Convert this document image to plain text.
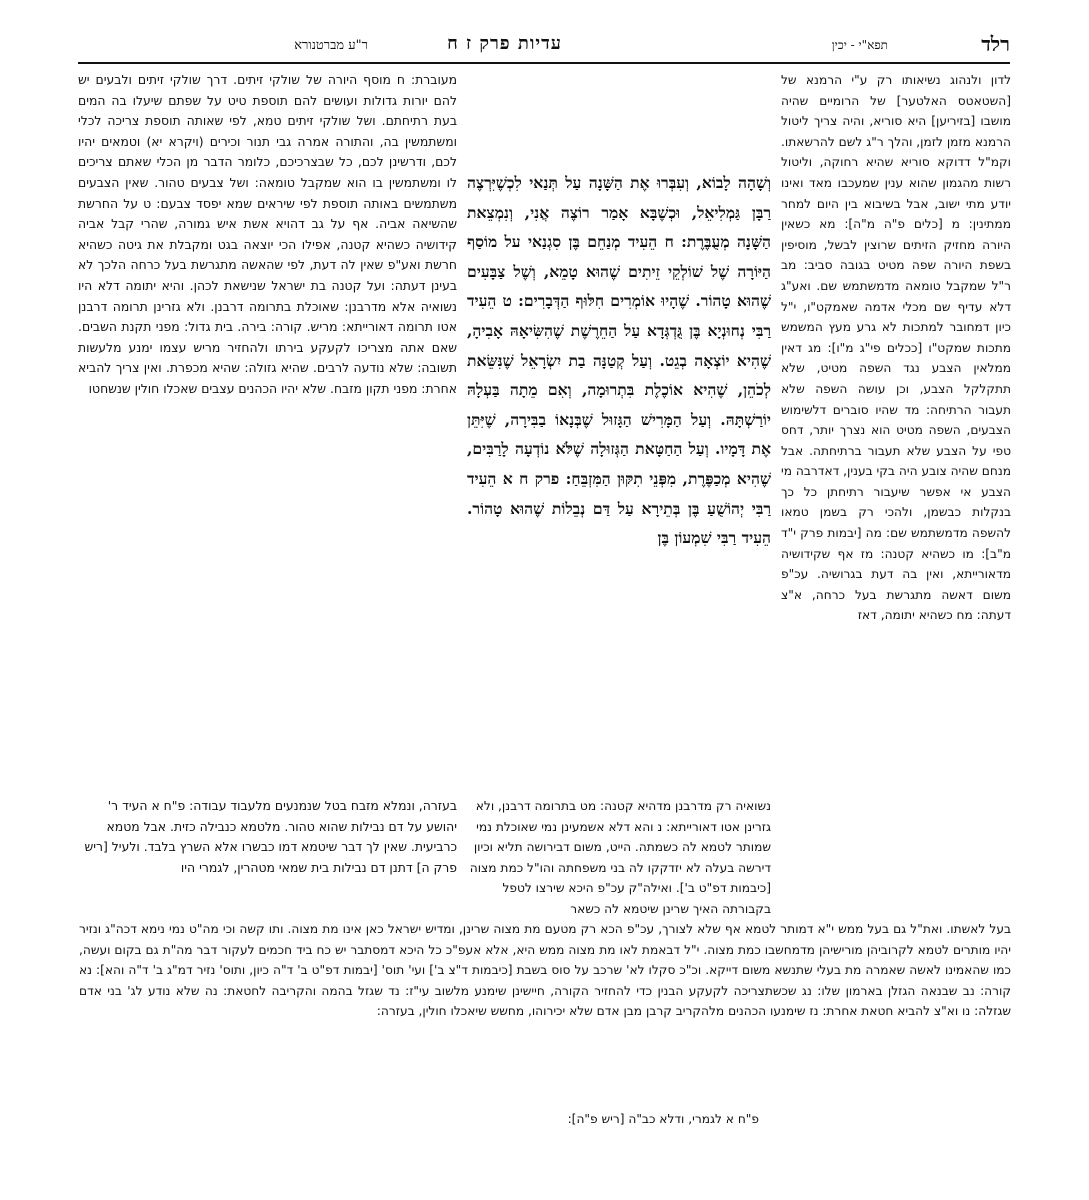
רלד
תפא"י - יכין
עדיות פרק ז ח
ר"ע מברטנורא

לדון ולנהוג נשיאותו רק ע"י הרמנא של [השטאטס האלטער] של הרומיים שהיה מושבו [בזיריען] היא סוריא, והיה צריך ליטול הרמנא מזמן לזמן, והלך ר"ג לשם להרשאתו. וקמ"ל דדוקא סוריא שהיא רחוקה, וליטול רשות מהגמון שהוא ענין שמעכבו מאד ואינו יודע מתי ישוב, אבל בשיבוא בין היום למחר ממתינין: מ [כלים פ"ה מ"ה]: מא כשאין היורה מחזיק הזיתים שרוצין לבשל, מוסיפין בשפת היורה שפה מטיט בגובה סביב: מב ר"ל שמקבל טומאה מדמשתמש שם. ואע"ג דלא עדיף שם מכלי אדמה שאמקט"ו, י"ל כיון דמחובר למתכות לא גרע מעץ המשמש מתכות שמקט"ו [ככלים פי"ג מ"ו]: מג דאין ממלאין הצבע נגד השפה מטיט, שלא תתקלקל הצבע, וכן עושה השפה שלא תעבור הרתיחה: מד שהיו סוברים דלשימוש הצבעים, השפה מטיט הוא נצרך יותר, דחס טפי על הצבע שלא תעבור ברתיחתה. אבל מנחם שהיה צובע היה בקי בענין, דאדרבה מי הצבע אי אפשר שיעבור רתיחתן כל כך בנקלות כבשמן, ולהכי רק בשמן טמאו להשפה מדמשתמש שם: מה [יבמות פרק י"ד מ"ב]: מו כשהיא קטנה: מז אף שקידושיה מדאורייתא, ואין בה דעת בגרושיה. עכ"פ משום דאשה מתגרשת בעל כרחה, א"צ דעתה: מח כשהיא יתומה, דאז

וְשָׁהָה לָבוֹא, וְעִבְּרוּ אֶת הַשָּׁנָה עַל תְּנַאי לִכְשֶׁיִּרְצֶה רַבָּן גַּמְלִיאֵל, וּכְשֶׁבָּא אָמַר רוֹצֶה אֲנִי, וְנִמְצֵאת הַשָּׁנָה מְעֻבֶּרֶת: ח הֵעִיד מְנַחֵם בֶּן סִגְנַאי על מוֹסַף הַיּוֹרָה שֶׁל שׁוֹלְקֵי זֵיתִים שֶׁהוּא טָמֵא, וְשֶׁל צַבָּעִים שֶׁהוּא טָהוֹר. שֶׁהָיוּ אוֹמְרִים חִלּוּף הַדְּבָרִים: ט הֵעִיד רַבִּי נְחוּנְיָא בֶּן גֻּדְגְּדָא עַל הַחֵרֶשֶׁת שֶׁהִשִּׂיאָהּ אָבִיהָ, שֶׁהִיא יוֹצְאָה בְגֵט. וְעַל קְטַנָּה בַת יִשְׂרָאֵל שֶׁנִּשֵּׂאת לְכֹהֵן, שֶׁהִיא אוֹכֶלֶת בִּתְרוּמָה, וְאִם מֵתָה בַּעְלָהּ יוֹרַשְׁתָּהּ. וְעַל הַמָּרִישׁ הַגָּזוּל שֶׁבְּנָאוֹ בַבִּירָה, שֶׁיִּתֵּן אֶת דָּמָיו. וְעַל הַחַטָּאת הַגְּזוּלָה שֶׁלֹּא נוֹדְעָה לָרַבִּים, שֶׁהִיא מְכַפֶּרֶת, מִפְּנֵי תִקּוּן הַמִּזְבֵּחַ: פרק ח א הֵעִיד רַבִּי יְהוֹשֻׁעַ בֶּן בְּתֵירָא עַל דַּם נְבֵלוֹת שֶׁהוּא טָהוֹר. הֵעִיד רַבִּי שִׁמְעוֹן בֶּן

מעוברת: ח מוסף היורה של שולקי זיתים. דרך שולקי זיתים ולבעים יש להם יורות גדולות ועושים להם תוספת טיט על שפתם שיעלו בה המים בעת רתיחתם. ושל שולקי זיתים טמא, לפי שאותה תוספת צריכה לכלי ומשתמשין בה, והתורה אמרה גבי תנור וכירים (ויקרא יא) וטמאים יהיו לכם, ודרשינן לכם, כל שבצרכיכם, כלומר הדבר מן הכלי שאתם צריכים לו ומשתמשין בו הוא שמקבל טומאה: ושל צבעים טהור. שאין הצבעים משתמשים באותה תוספת לפי שיראים שמא יפסד צבעם: ט על החרשת שהשיאה אביה. אף על גב דהויא אשת איש גמורה, שהרי קבל אביה קידושיה כשהיא קטנה, אפילו הכי יוצאה בגט ומקבלת את גיטה כשהיא חרשת ואע"פ שאין לה דעת, לפי שהאשה מתגרשת בעל כרחה הלכך לא בעינן דעתה: ועל קטנה בת ישראל שנישאת לכהן. והיא יתומה דלא היו נשואיה אלא מדרבנן: שאוכלת בתרומה דרבנן. ולא גזרינן תרומה דרבנן אטו תרומה דאורייתא: מריש. קורה: בירה. בית גדול: מפני תקנת השבים. שאם אתה מצריכו לקעקע בירתו ולהחזיר מריש עצמו ימנע מלעשות תשובה: שלא נודעה לרבים. שהיא גזולה: שהיא מכפרת. ואין צריך להביא אחרת: מפני תקון מזבח. שלא יהיו הכהנים עצבים שאכלו חולין שנשחטו

נשואיה רק מדרבנן מדהיא קטנה: מט בתרומה דרבנן, ולא גזרינן אטו דאורייתא: נ והא דלא אשמעינן נמי שאוכלת נמי שמותר לטמא לה כשמתה. הייט, משום דבירושה תליא וכיון דירשה בעלה לא יזדקקו לה בני משפחתה והו"ל כמת מצוה [כיבמות דפ"ט ב']. ואילה"ק עכ"פ היכא שירצו לטפל בקבורתה האיך שרינן שיטמא לה כשאר

בעזרה, ונמלא מזבח בטל שנמנעים מלעבוד עבודה: פ"ח א העיד ר' יהושע על דם נבילות שהוא טהור. מלטמא כנבילה כזית. אבל מטמא כרביעית. שאין לך דבר שיטמא דמו כבשרו אלא השרץ בלבד. ולעיל [ריש פרק ה] דתנן דם נבילות בית שמאי מטהרין, לגמרי היו

בעל לאשתו. ואת"ל גם בעל ממש י"א דמותר לטמא אף שלא לצורך, עכ"פ הכא רק מטעם מת מצוה שרינן, ומדיש ישראל כאן אינו מת מצוה. ותו קשה וכי מה"ט נמי נימא דכה"ג ונזיר יהיו מותרים לטמא לקרוביהן מורישיהן מדמחשבו כמת מצוה. י"ל דבאמת לאו מת מצוה ממש היא, אלא אעפ"כ כל היכא דמסתבר יש כח ביד חכמים לעקור דבר מה"ת גם בקום ועשה, כמו שהאמינו לאשה שאמרה מת בעלי שתנשא משום דייקא. וכ"כ סקלו לא' שרכב על סוס בשבת [כיבמות ד"צ ב'] ועי' תוס' [יבמות דפ"ט ב' ד"ה כיון, ותוס' נזיר דמ"ג ב' ד"ה והא]: נא קורה: נב שבנאה הגזלן בארמון שלו: נג שכשתצריכה לקעקע הבנין כדי להחזיר הקורה, חיישינן שימנע מלשוב עי"ז: נד שגזל בהמה והקריבה לחטאת: נה שלא נודע לג' בני אדם שגזלה: נו וא"צ להביא חטאת אחרת: נז שימנעו הכהנים מלהקריב קרבן מבן אדם שלא יכירוהו, מחשש שיאכלו חולין, בעזרה:

פ"ח א לגמרי, ודלא כב"ה [ריש פ"ה]:
